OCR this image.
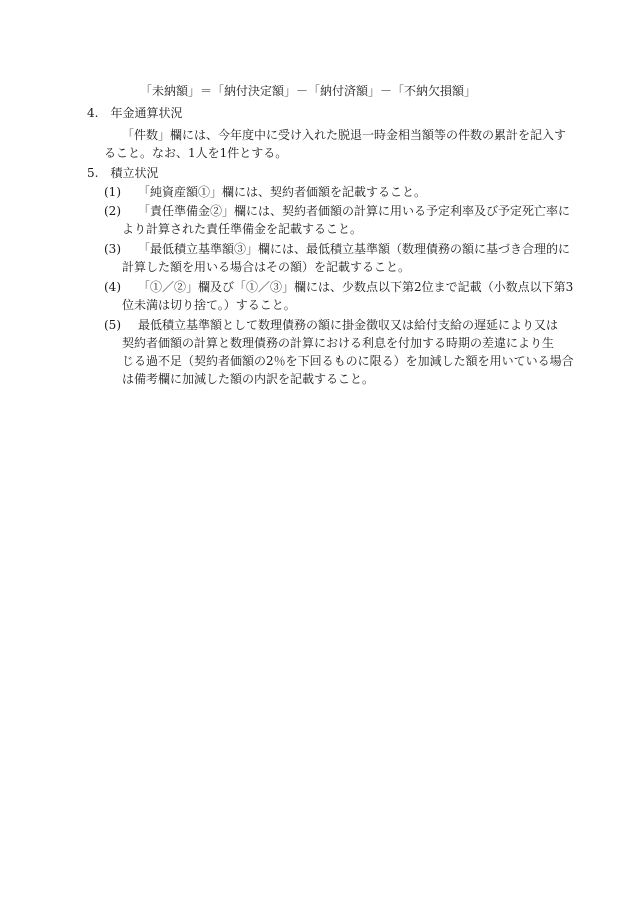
「未納額」＝「納付決定額」－「納付済額」－「不納欠損額」
4.　年金通算状況
「件数」欄には、今年度中に受け入れた脱退一時金相当額等の件数の累計を記入す
ること。なお、1人を1件とする。
5.　積立状況
(1) 「純資産額①」欄には、契約者価額を記載すること。
(2) 「責任準備金②」欄には、契約者価額の計算に用いる予定利率及び予定死亡率に
より計算された責任準備金を記載すること。
(3) 「最低積立基準額③」欄には、最低積立基準額（数理債務の額に基づき合理的に
計算した額を用いる場合はその額）を記載すること。
(4) 「①／②」欄及び「①／③」欄には、少数点以下第2位まで記載（小数点以下第3
位未満は切り捨て。）すること。
(5) 最低積立基準額として数理債務の額に掛金徴収又は給付支給の遅延により又は
契約者価額の計算と数理債務の計算における利息を付加する時期の差違により生
じる過不足（契約者価額の2％を下回るものに限る）を加減した額を用いている場合
は備考欄に加減した額の内訳を記載すること。
